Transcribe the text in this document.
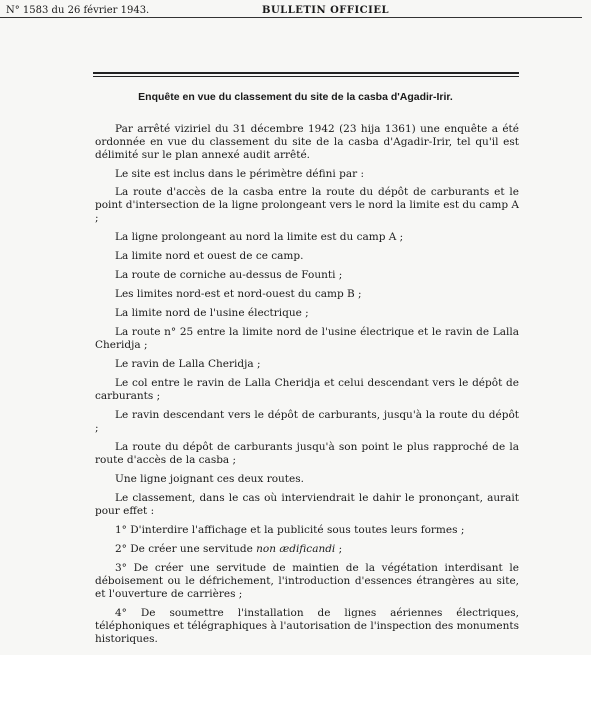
N° 1583 du 26 février 1943.	BULLETIN OFFICIEL
Enquête en vue du classement du site de la casba d'Agadir-Irir.

Par arrêté viziriel du 31 décembre 1942 (23 hija 1361) une enquête a été ordonnée en vue du classement du site de la casba d'Agadir-Irir, tel qu'il est délimité sur le plan annexé audit arrêté.

Le site est inclus dans le périmètre défini par :

La route d'accès de la casba entre la route du dépôt de carburants et le point d'intersection de la ligne prolongeant vers le nord la limite est du camp A ;

La ligne prolongeant au nord la limite est du camp A ;

La limite nord et ouest de ce camp.

La route de corniche au-dessus de Founti ;

Les limites nord-est et nord-ouest du camp B ;

La limite nord de l'usine électrique ;

La route n° 25 entre la limite nord de l'usine électrique et le ravin de Lalla Cheridja ;

Le ravin de Lalla Cheridja ;

Le col entre le ravin de Lalla Cheridja et celui descendant vers le dépôt de carburants ;

Le ravin descendant vers le dépôt de carburants, jusqu'à la route du dépôt ;

La route du dépôt de carburants jusqu'à son point le plus rapproché de la route d'accès de la casba ;

Une ligne joignant ces deux routes.

Le classement, dans le cas où interviendrait le dahir le prononçant, aurait pour effet :

1° D'interdire l'affichage et la publicité sous toutes leurs formes ;

2° De créer une servitude non ædificandi ;

3° De créer une servitude de maintien de la végétation interdisant le déboisement ou le défrichement, l'introduction d'essences étrangères au site, et l'ouverture de carrières ;

4° De soumettre l'installation de lignes aériennes électriques, téléphoniques et télégraphiques à l'autorisation de l'inspection des monuments historiques.
